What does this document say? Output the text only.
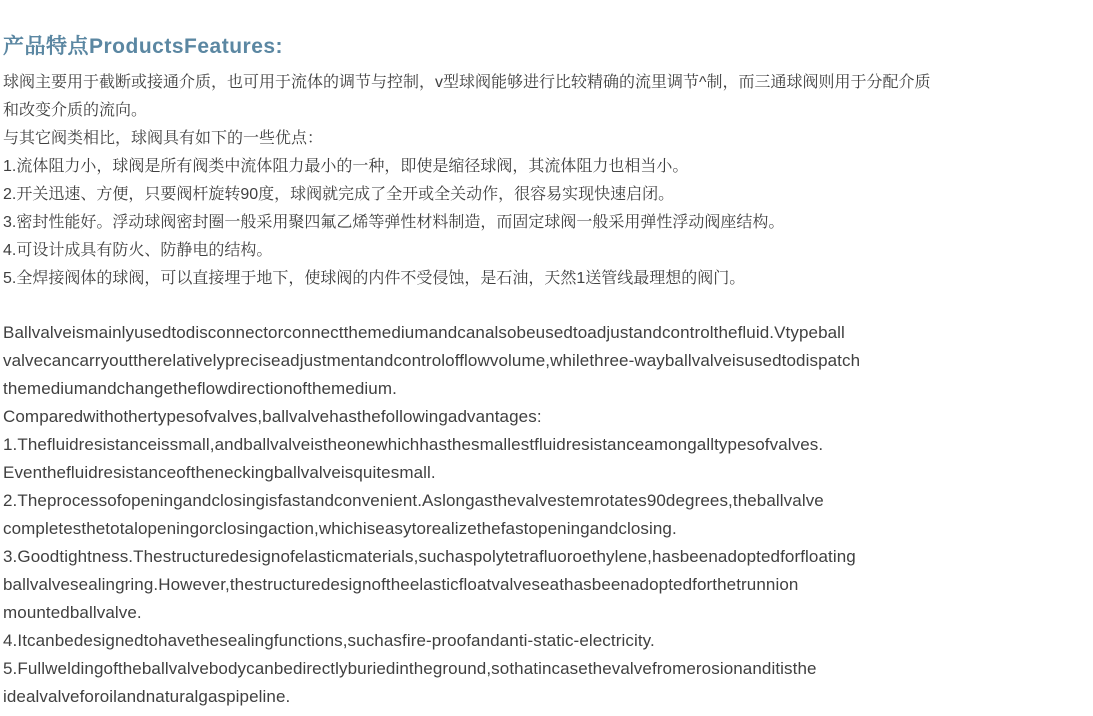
产品特点ProductsFeatures:
球阀主要用于截断或接通介质，也可用于流体的调节与控制，v型球阀能够进行比较精确的流里调节^制，而三通球阀则用于分配介质
和改变介质的流向。
与其它阀类相比，球阀具有如下的一些优点：
1.流体阻力小，球阀是所有阀类中流体阻力最小的一种，即使是缩径球阀，其流体阻力也相当小。
2.开关迅速、方便，只要阀杆旋转90度，球阀就完成了全开或全关动作，很容易实现快速启闭。
3.密封性能好。浮动球阀密封圈一般采用聚四氟乙烯等弹性材料制造，而固定球阀一般采用弹性浮动阀座结构。
4.可设计成具有防火、防静电的结构。
5.全焊接阀体的球阀，可以直接埋于地下，使球阀的内件不受侵蚀，是石油，天然1送管线最理想的阀门。
Ballvalveismainlyusedtodisconnectorconnectthemediumandcanalsobeusedtoadjustandcontrolthefluid.Vtypeball
valvecancarryouttherelativelypreciseadjustmentandcontrolofflowvolume,whilethree-wayballvalveisusedtodispatch
themediumandchangetheflowdirectionofthemedium.
Comparedwithothertypesofvalves,ballvalvehasthefollowingadvantages:
1.Thefluidresistanceissmall,andballvalveistheonewhichhasthesmallestfluidresistanceamongalltypesofvalves.
Eventhefluidresistanceoftheneckingballvalveisquitesmall.
2.Theprocessofopeningandclosingisfastandconvenient.Aslongasthevalvestemrotates90degrees,theballvalve
completesthetotalopeningorclosingaction,whichiseasytorealizethefastopeningandclosing.
3.Goodtightness.Thestructuredesignofelasticmaterials,suchaspolytetrafluoroethylene,hasbeenadoptedforfloating
ballvalvesealingring.However,thestructuredesignoftheelasticfloatvalveseathasbeenadoptedforthetrunnion
mountedballvalve.
4.Itcanbedesignedtohavethesealingfunctions,suchasfire-proofandanti-static-electricity.
5.Fullweldingoftheballvalvebodycanbedirectlyburiedintheground,sothatincasethevalvefromerosionanditisthe
idealvalveforoilandnaturalgaspipeline.
